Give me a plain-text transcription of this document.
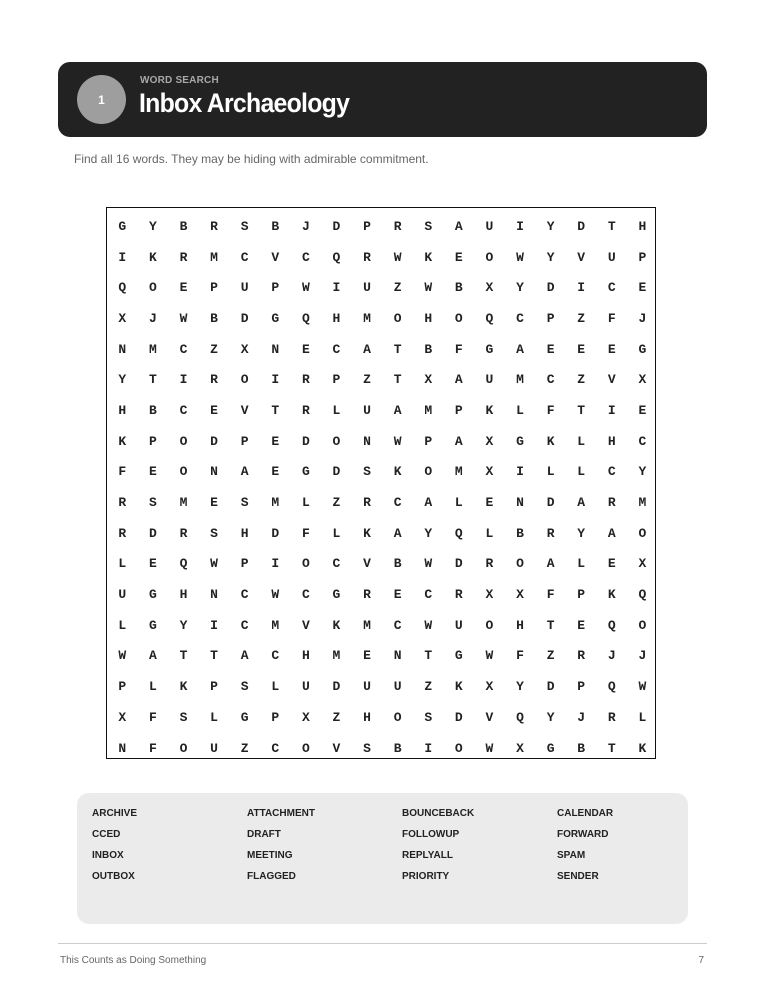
1
WORD SEARCH
Inbox Archaeology
Find all 16 words. They may be hiding with admirable commitment.
G	Y	B	R	S	B	J	D	P	R	S	A	U	I	Y	D	T	H
I	K	R	M	C	V	C	Q	R	W	K	E	O	W	Y	V	U	P
Q	O	E	P	U	P	W	I	U	Z	W	B	X	Y	D	I	C	E
X	J	W	B	D	G	Q	H	M	O	H	O	Q	C	P	Z	F	J
N	M	C	Z	X	N	E	C	A	T	B	F	G	A	E	E	E	G
Y	T	I	R	O	I	R	P	Z	T	X	A	U	M	C	Z	V	X
H	B	C	E	V	T	R	L	U	A	M	P	K	L	F	T	I	E
K	P	O	D	P	E	D	O	N	W	P	A	X	G	K	L	H	C
F	E	O	N	A	E	G	D	S	K	O	M	X	I	L	L	C	Y
R	S	M	E	S	M	L	Z	R	C	A	L	E	N	D	A	R	M
R	D	R	S	H	D	F	L	K	A	Y	Q	L	B	R	Y	A	O
L	E	Q	W	P	I	O	C	V	B	W	D	R	O	A	L	E	X
U	G	H	N	C	W	C	G	R	E	C	R	X	X	F	P	K	Q
L	G	Y	I	C	M	V	K	M	C	W	U	O	H	T	E	Q	O
W	A	T	T	A	C	H	M	E	N	T	G	W	F	Z	R	J	J
P	L	K	P	S	L	U	D	U	U	Z	K	X	Y	D	P	Q	W
X	F	S	L	G	P	X	Z	H	O	S	D	V	Q	Y	J	R	L
N	F	O	U	Z	C	O	V	S	B	I	O	W	X	G	B	T	K
ARCHIVE	ATTACHMENT	BOUNCEBACK	CALENDAR
CCED	DRAFT	FOLLOWUP	FORWARD
INBOX	MEETING	REPLYALL	SPAM
OUTBOX	FLAGGED	PRIORITY	SENDER
This Counts as Doing Something	7
